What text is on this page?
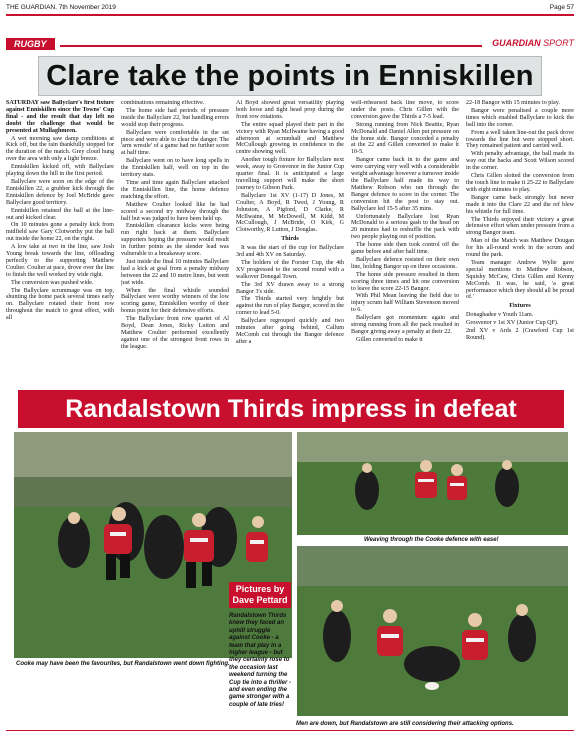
THE GUARDIAN, 7th November 2019	Page 57
RUGBY	GUARDIAN SPORT
Clare take the points in Enniskillen

SATURDAY saw Ballyclare's first fixture against Enniskillen since the Towns' Cup final - and the result that day left no doubt the challenge that would be presented at Mullaghmeen.

A wet morning saw damp conditions at Kick off, but the rain thankfully stopped for the duration of the match. Grey cloud hung over the area with only a light breeze.

Enniskillen kicked off, with Ballyclare playing down the hill in the first period.

Ballyclare were soon on the edge of the Enniskillen 22, a grubber kick through the Enniskillen defence by Joel McBride gave Ballyclare good territory.

Enniskillen retained the ball at the line-out and kicked clear.

On 10 minutes gone a penalty kick from midfield saw Gary Clotworthy put the ball out inside the home 22, on the right.

A low take at two in the line, saw Josh Young break towards the line, offloading perfectly to the supporting Matthew Coulter. Coulter at pace, drove over the line to finish the well worked try wide right.

The conversion was pushed wide.

The Ballyclare scrummage was on top, shunting the home pack several times early on. Ballyclare rotated their front row throughout the match to great effect, with all

combinations remaining effective.

The home side had periods of pressure inside the Ballyclare 22, but handling errors would stop their progress.

Ballyclare were comfortable in the set piece and were able to clear the danger. The 'arm wrestle' of a game had no further score at half time.

Ballyclare went on to have long spells in the Enniskillen half, well on top in the territory stats.

Time and time again Ballyclare attacked the Enniskillen line, the home defence matching the effort.

Matthew Coulter looked like he had scored a second try midway through the half but was judged to have been held up.

Enniskillen clearance kicks were being run right back at them. Ballyclare supporters hoping the pressure would result in further points as the slender lead was vulnerable to a breakaway score.

Just inside the final 10 minutes Ballyclare had a kick at goal from a penalty midway between the 22 and 10 metre lines, but went just wide.

When the final whistle sounded Ballyclare were worthy winners of the low scoring game, Enniskillen worthy of their bonus point for their defensive efforts.

The Ballyclare front row quartet of Al Boyd, Dean Jones, Ricky Lutton and Matthew Coulter performed excellently against one of the strongest front rows in the league.

Al Boyd showed great versatility playing both loose and tight head prop during the front row rotations.

The entire squad played their part in the victory with Ryan McIlwaine having a good afternoon at scrumhalf and Matthew McCullough growing in confidence in the centre showing well.

Another tough fixture for Ballyclare next week, away to Grosvenor in the Junior Cup quarter final. It is anticipated a large travelling support will make the short journey to Gibson Park.

Ballyclare 1st XV (1-17) D Jones, M Coulter, A Boyd, R Twed, J Young, R Johnston, A Pigford, D Clarke, R McIlwaine, M McDowell, M Kidd, M McCullough, J McBride, O Kirk, G Clotworthy, R Lutton, J Douglas.

Thirds

It was the start of the cup for Ballyclare 3rd and 4th XV on Saturday.

The holders of the Forster Cup, the 4th XV progressed to the second round with a walkover Donegal Town.

The 3rd XV drawn away to a strong Bangor 3's side.

The Thirds started very brightly but against the run of play Bangor, scored in the corner to lead 5-0.

Ballyclare regrouped quickly and two minutes after going behind, Callum McComb cut through the Bangor defence after a

well-rehearsed back line move, to score under the posts. Chris Gillen with the conversion gave the Thirds a 7-5 lead.

Strong running from Nick Beattie, Ryan McDonald and Daniel Allen put pressure on the home side. Bangor conceded a penalty at the 22 and Gillen converted to make it 10-5.

Bangor came back in to the game and were carrying very well with a considerable weight advantage however a turnover inside the Ballyclare half made its way to Matthew Robson who ran through the Bangor defence to score in the corner. The conversion hit the post to stay out. Ballyclare led 15-5 after 35 mins.

Unfortunately Ballyclare lost Ryan McDonald to a serious gash to the head on 20 minutes had to reshuffle the pack with two people playing out of position.

The home side then took control off the game before and after half time.

Ballyclare defence resisted on their own line, holding Bangor up on three occasions.

The home side pressure resulted in them scoring three times and hit one conversion to leave the score 22-15 Bangor.

With Phil Mean leaving the field due to injury scrum half William Stevenson moved to 6.

Ballyclare got momentum again and strong running from all the pack resulted in Bangor giving away a penalty at their 22.

Gillen converted to make it

22-18 Bangor with 15 minutes to play.

Bangor were penalised a couple more times which enabled Ballyclare to kick the ball into the corner.

From a well taken line-out the pack drove towards the line but were stopped short. They remained patient and carried well.

With penalty advantage, the ball made its way out the backs and Scott Wilson scored in the corner.

Chris Gillen slotted the conversion from the touch line to make it 25-22 to Ballyclare with eight minutes to play.

Bangor came back strongly but never made it into the Clare 22 and the ref blew his whistle for full time.

The Thirds enjoyed their victory a great defensive effort when under pressure from a strong Bangor team.

Man of the Match was Matthew Dougan for his all-round work in the scrum and round the park.

Team manager Andrew Wylie gave special mentions to Matthew Robson, Squishy McCaw, Chris Gillen and Kenny McComb. It was, he said, 'a great performance which they should all be proud of.'

Fixtures

Donaghadee v Youth 11am.

Grosvenor v 1st XV (Junior Cup QF).

2nd XV v Ards 2 (Crawford Cup 1st Round).

Randalstown Thirds impress in defeat
Cooke may have been the favourites, but Randalstown went down fighting.
Weaving through the Cooke defence with ease!
Men are down, but Randalstown are still considering their attacking options.
Pictures by
Dave Pettard
Randalstown Thirds knew they faced an uphill struggle against Cooke - a team that play in a higher league - but they certainly rose to the occasion last weekend turning the Cup tie into a thriller - and even ending the game stronger with a couple of late tries!
